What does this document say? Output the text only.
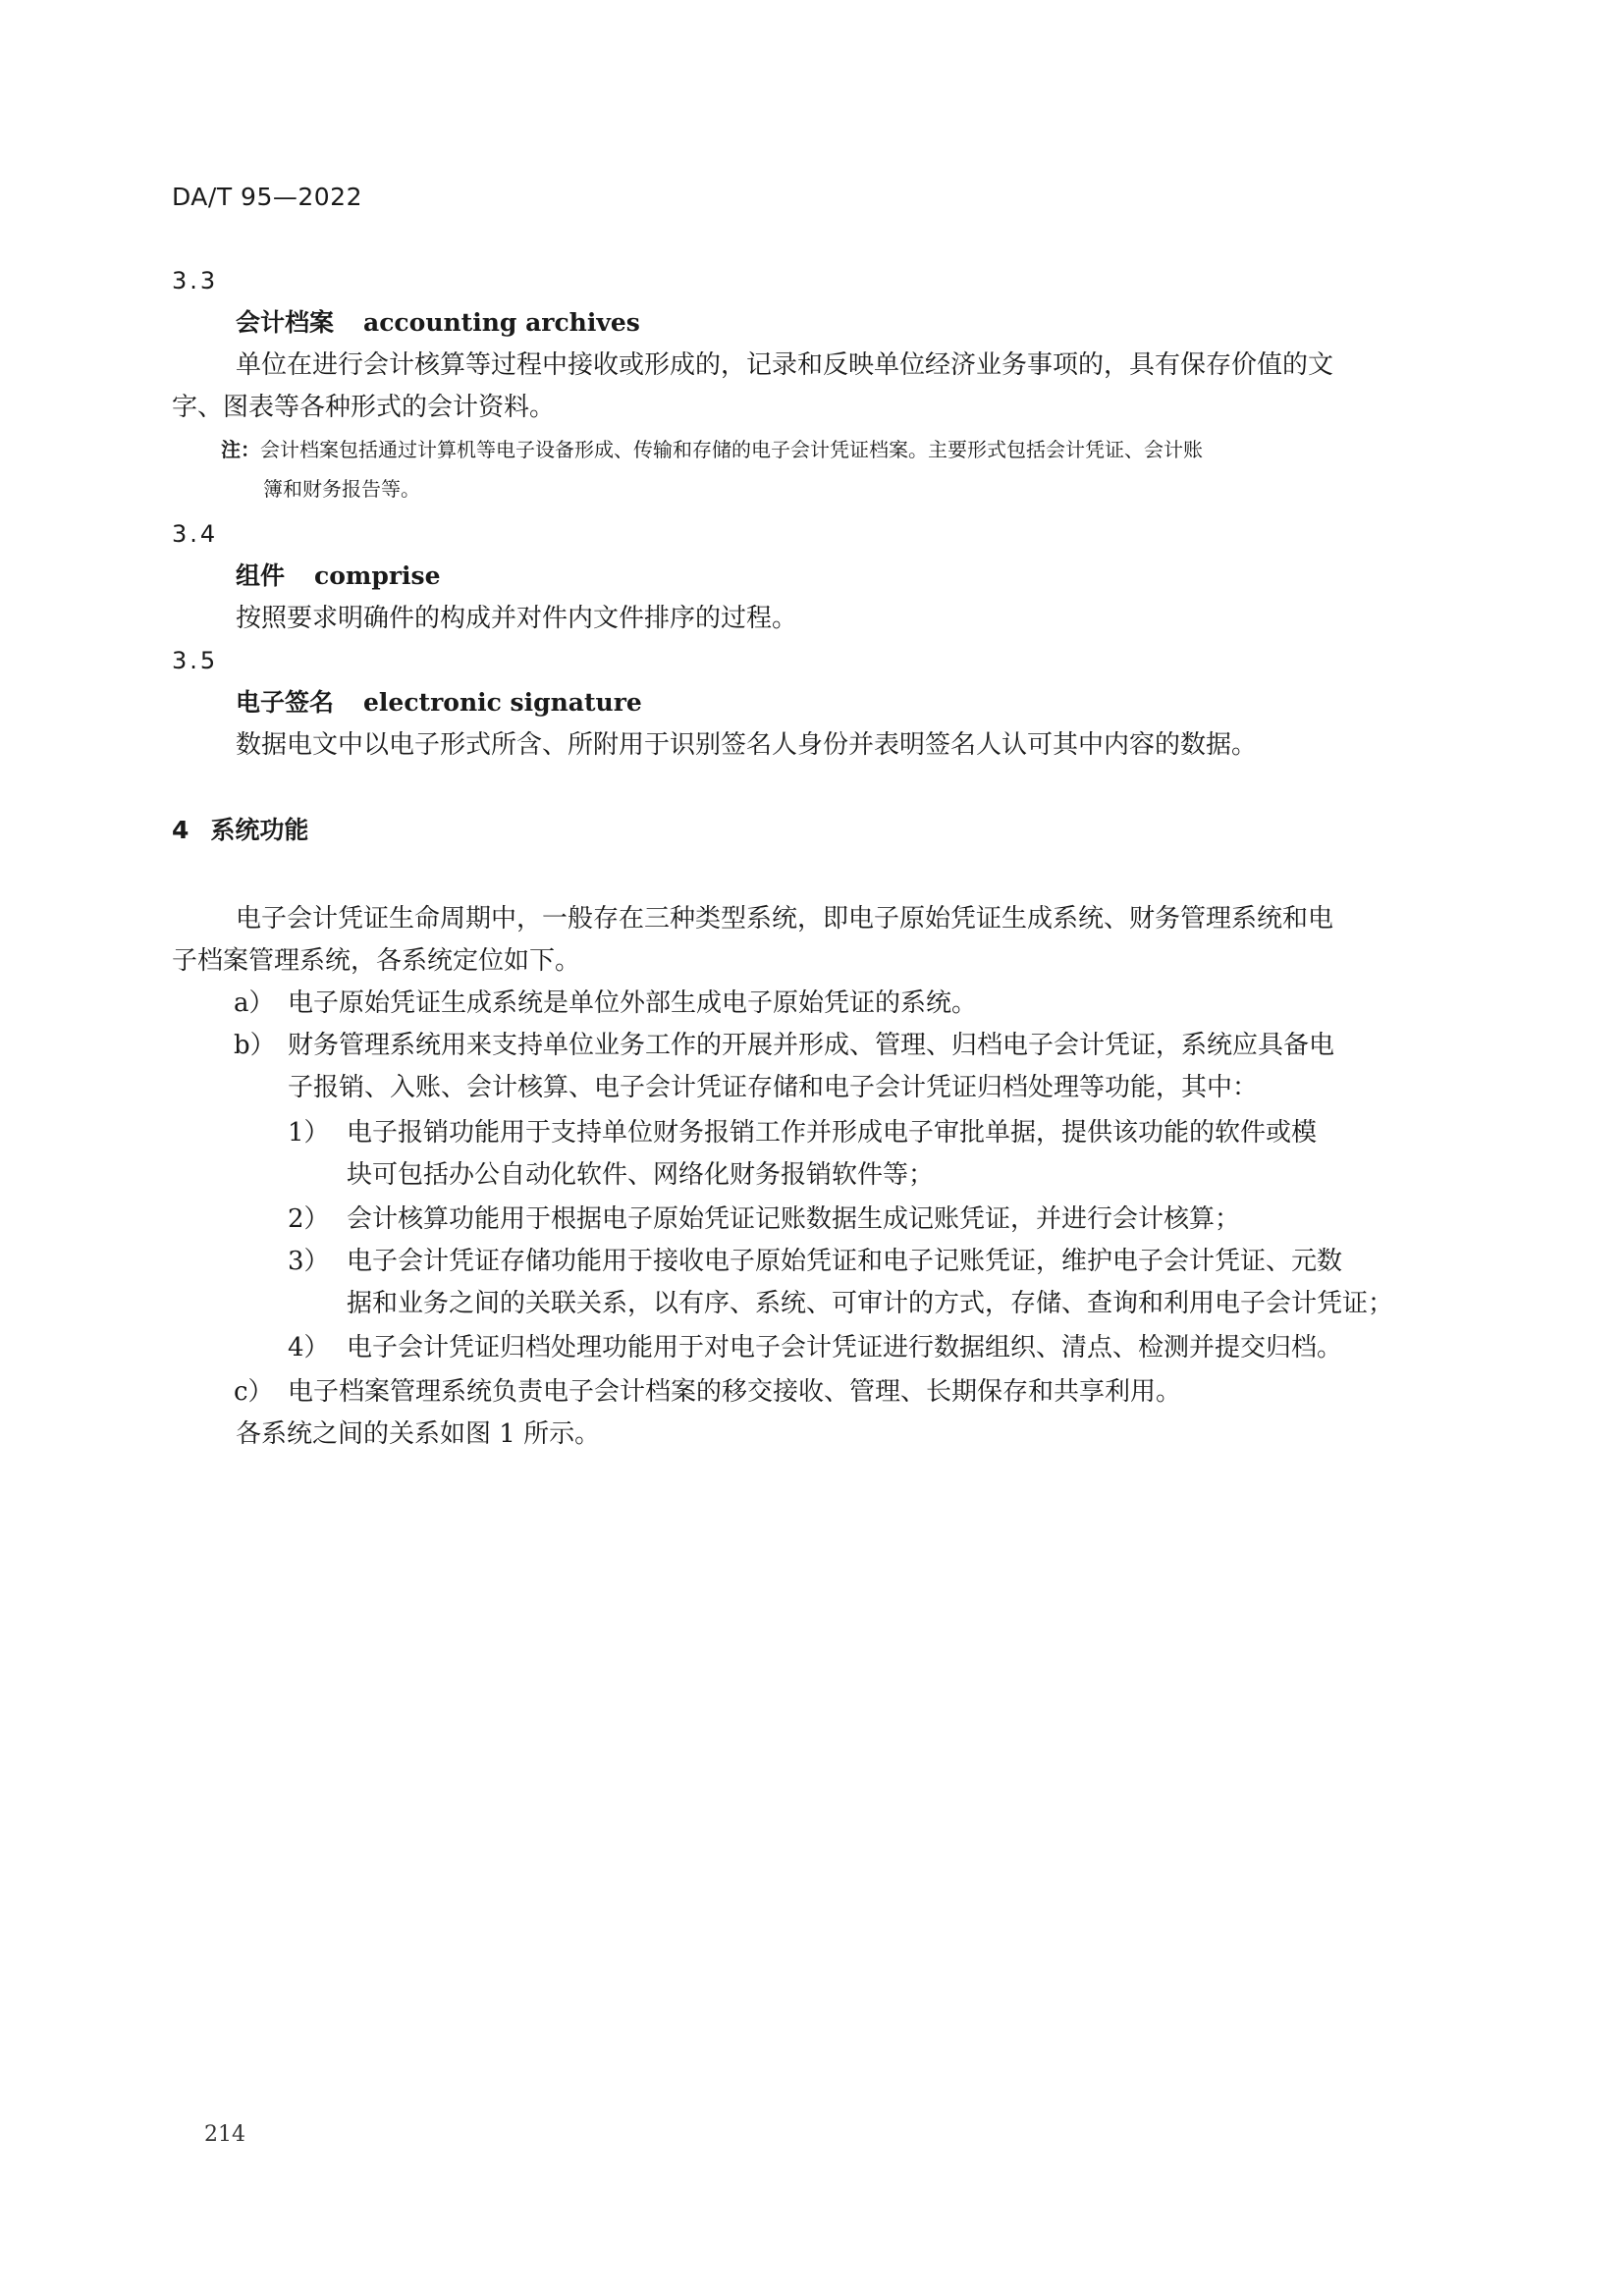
DA/T 95—2022
3.3
会计档案 accounting archives
单位在进行会计核算等过程中接收或形成的，记录和反映单位经济业务事项的，具有保存价值的文
字、图表等各种形式的会计资料。
注：会计档案包括通过计算机等电子设备形成、传输和存储的电子会计凭证档案。主要形式包括会计凭证、会计账
簿和财务报告等。
3.4
组件 comprise
按照要求明确件的构成并对件内文件排序的过程。
3.5
电子签名 electronic signature
数据电文中以电子形式所含、所附用于识别签名人身份并表明签名人认可其中内容的数据。
4 系统功能
电子会计凭证生命周期中，一般存在三种类型系统，即电子原始凭证生成系统、财务管理系统和电
子档案管理系统，各系统定位如下。
a） 电子原始凭证生成系统是单位外部生成电子原始凭证的系统。
b） 财务管理系统用来支持单位业务工作的开展并形成、管理、归档电子会计凭证，系统应具备电
子报销、入账、会计核算、电子会计凭证存储和电子会计凭证归档处理等功能，其中：
1） 电子报销功能用于支持单位财务报销工作并形成电子审批单据，提供该功能的软件或模
块可包括办公自动化软件、网络化财务报销软件等；
2） 会计核算功能用于根据电子原始凭证记账数据生成记账凭证，并进行会计核算；
3） 电子会计凭证存储功能用于接收电子原始凭证和电子记账凭证，维护电子会计凭证、元数
据和业务之间的关联关系，以有序、系统、可审计的方式，存储、查询和利用电子会计凭证；
4） 电子会计凭证归档处理功能用于对电子会计凭证进行数据组织、清点、检测并提交归档。
c） 电子档案管理系统负责电子会计档案的移交接收、管理、长期保存和共享利用。
各系统之间的关系如图 1 所示。
214
